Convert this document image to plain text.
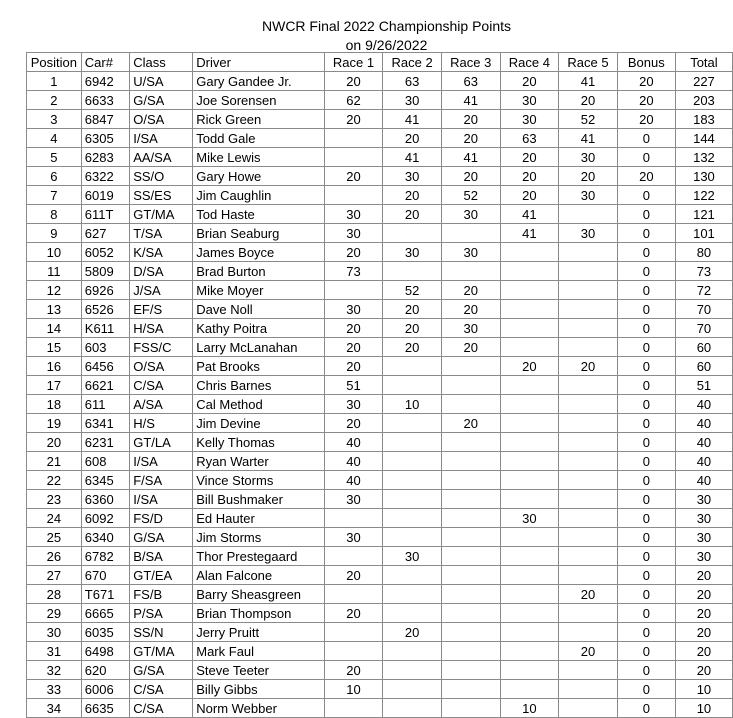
NWCR Final 2022 Championship Points
on 9/26/2022
Position	Car#	Class	Driver	Race 1	Race 2	Race 3	Race 4	Race 5	Bonus	Total
1	6942	U/SA	Gary Gandee Jr.	20	63	63	20	41	20	227
2	6633	G/SA	Joe Sorensen	62	30	41	30	20	20	203
3	6847	O/SA	Rick Green	20	41	20	30	52	20	183
4	6305	I/SA	Todd Gale		20	20	63	41	0	144
5	6283	AA/SA	Mike Lewis		41	41	20	30	0	132
6	6322	SS/O	Gary Howe	20	30	20	20	20	20	130
7	6019	SS/ES	Jim Caughlin		20	52	20	30	0	122
8	611T	GT/MA	Tod Haste	30	20	30	41		0	121
9	627	T/SA	Brian Seaburg	30			41	30	0	101
10	6052	K/SA	James Boyce	20	30	30			0	80
11	5809	D/SA	Brad Burton	73					0	73
12	6926	J/SA	Mike Moyer		52	20			0	72
13	6526	EF/S	Dave Noll	30	20	20			0	70
14	K611	H/SA	Kathy Poitra	20	20	30			0	70
15	603	FSS/C	Larry McLanahan	20	20	20			0	60
16	6456	O/SA	Pat Brooks	20			20	20	0	60
17	6621	C/SA	Chris Barnes	51					0	51
18	611	A/SA	Cal Method	30	10				0	40
19	6341	H/S	Jim Devine	20		20			0	40
20	6231	GT/LA	Kelly Thomas	40					0	40
21	608	I/SA	Ryan Warter	40					0	40
22	6345	F/SA	Vince Storms	40					0	40
23	6360	I/SA	Bill Bushmaker	30					0	30
24	6092	FS/D	Ed Hauter				30		0	30
25	6340	G/SA	Jim Storms	30					0	30
26	6782	B/SA	Thor Prestegaard		30				0	30
27	670	GT/EA	Alan Falcone	20					0	20
28	T671	FS/B	Barry Sheasgreen					20	0	20
29	6665	P/SA	Brian Thompson	20					0	20
30	6035	SS/N	Jerry Pruitt		20				0	20
31	6498	GT/MA	Mark Faul					20	0	20
32	620	G/SA	Steve Teeter	20					0	20
33	6006	C/SA	Billy Gibbs	10					0	10
34	6635	C/SA	Norm Webber				10		0	10
